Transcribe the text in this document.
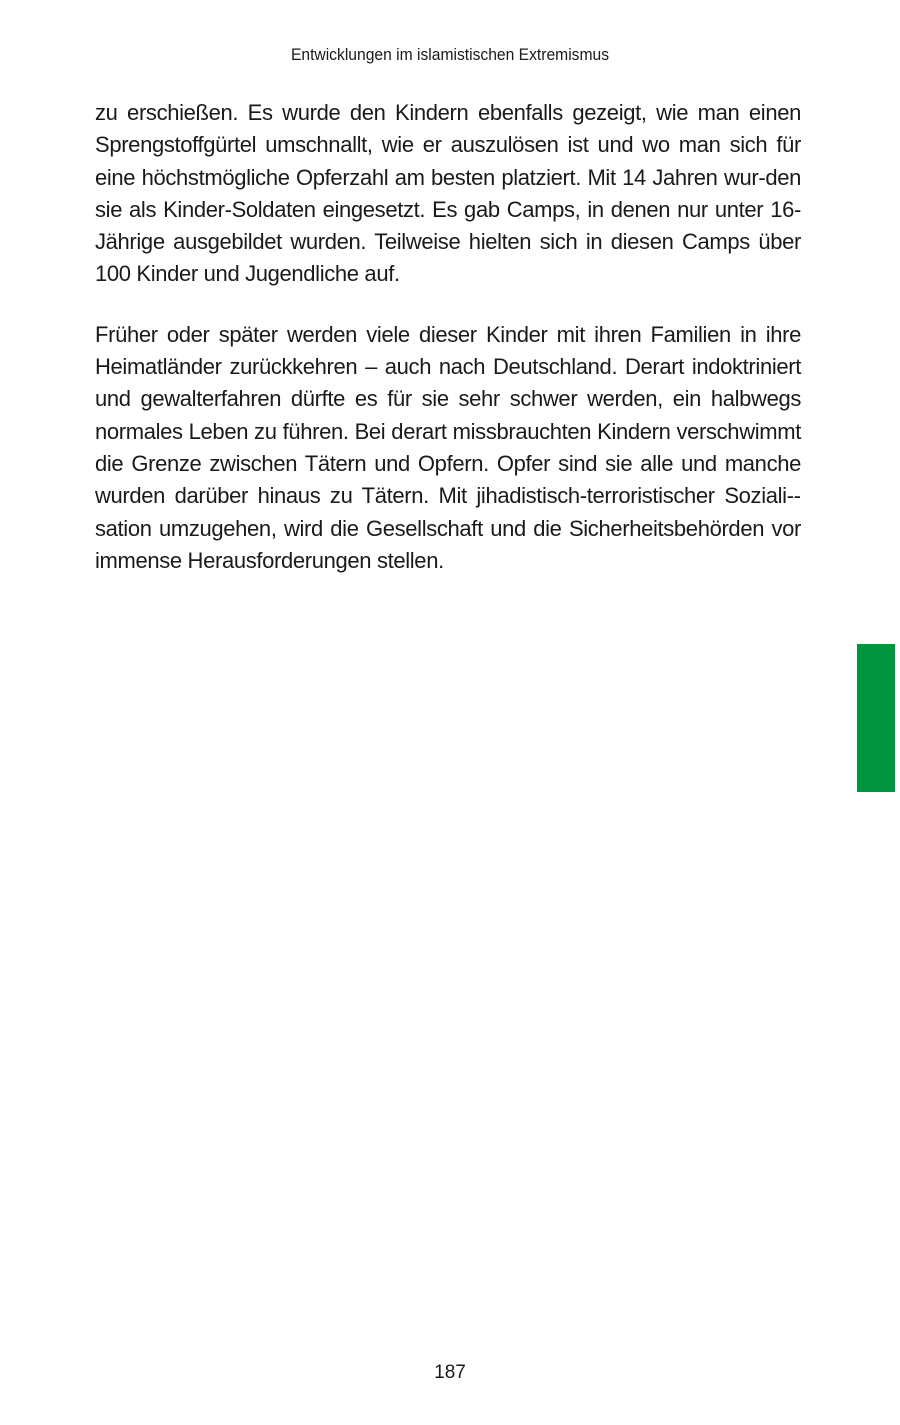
Entwicklungen im islamistischen Extremismus

zu erschießen. Es wurde den Kindern ebenfalls gezeigt, wie man einen Sprengstoffgürtel umschnallt, wie er auszulösen ist und wo man sich für eine höchstmögliche Opferzahl am besten platziert. Mit 14 Jahren wur-den sie als Kinder-Soldaten eingesetzt. Es gab Camps, in denen nur unter 16-Jährige ausgebildet wurden. Teilweise hielten sich in diesen Camps über 100 Kinder und Jugendliche auf.

Früher oder später werden viele dieser Kinder mit ihren Familien in ihre Heimatländer zurückkehren – auch nach Deutschland. Derart indoktriniert und gewalterfahren dürfte es für sie sehr schwer werden, ein halbwegs normales Leben zu führen. Bei derart missbrauchten Kindern verschwimmt die Grenze zwischen Tätern und Opfern. Opfer sind sie alle und manche wurden darüber hinaus zu Tätern. Mit jihadistisch-terroristischer Soziali-sation umzugehen, wird die Gesellschaft und die Sicherheitsbehörden vor immense Herausforderungen stellen.

187
